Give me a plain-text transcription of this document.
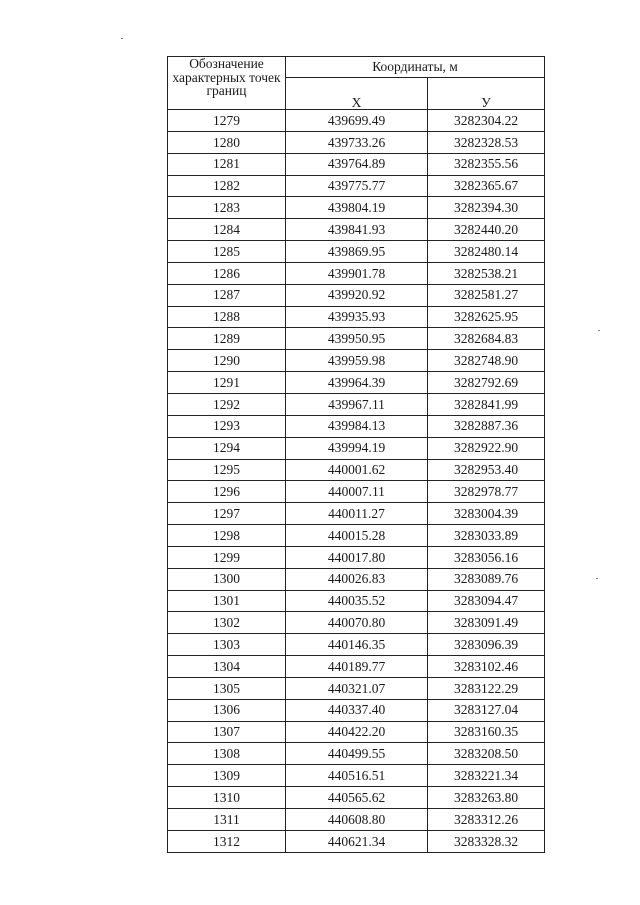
Обозначение характерных точек границ	Координаты, м	
	X	У
1279	439699.49	3282304.22
1280	439733.26	3282328.53
1281	439764.89	3282355.56
1282	439775.77	3282365.67
1283	439804.19	3282394.30
1284	439841.93	3282440.20
1285	439869.95	3282480.14
1286	439901.78	3282538.21
1287	439920.92	3282581.27
1288	439935.93	3282625.95
1289	439950.95	3282684.83
1290	439959.98	3282748.90
1291	439964.39	3282792.69
1292	439967.11	3282841.99
1293	439984.13	3282887.36
1294	439994.19	3282922.90
1295	440001.62	3282953.40
1296	440007.11	3282978.77
1297	440011.27	3283004.39
1298	440015.28	3283033.89
1299	440017.80	3283056.16
1300	440026.83	3283089.76
1301	440035.52	3283094.47
1302	440070.80	3283091.49
1303	440146.35	3283096.39
1304	440189.77	3283102.46
1305	440321.07	3283122.29
1306	440337.40	3283127.04
1307	440422.20	3283160.35
1308	440499.55	3283208.50
1309	440516.51	3283221.34
1310	440565.62	3283263.80
1311	440608.80	3283312.26
1312	440621.34	3283328.32
